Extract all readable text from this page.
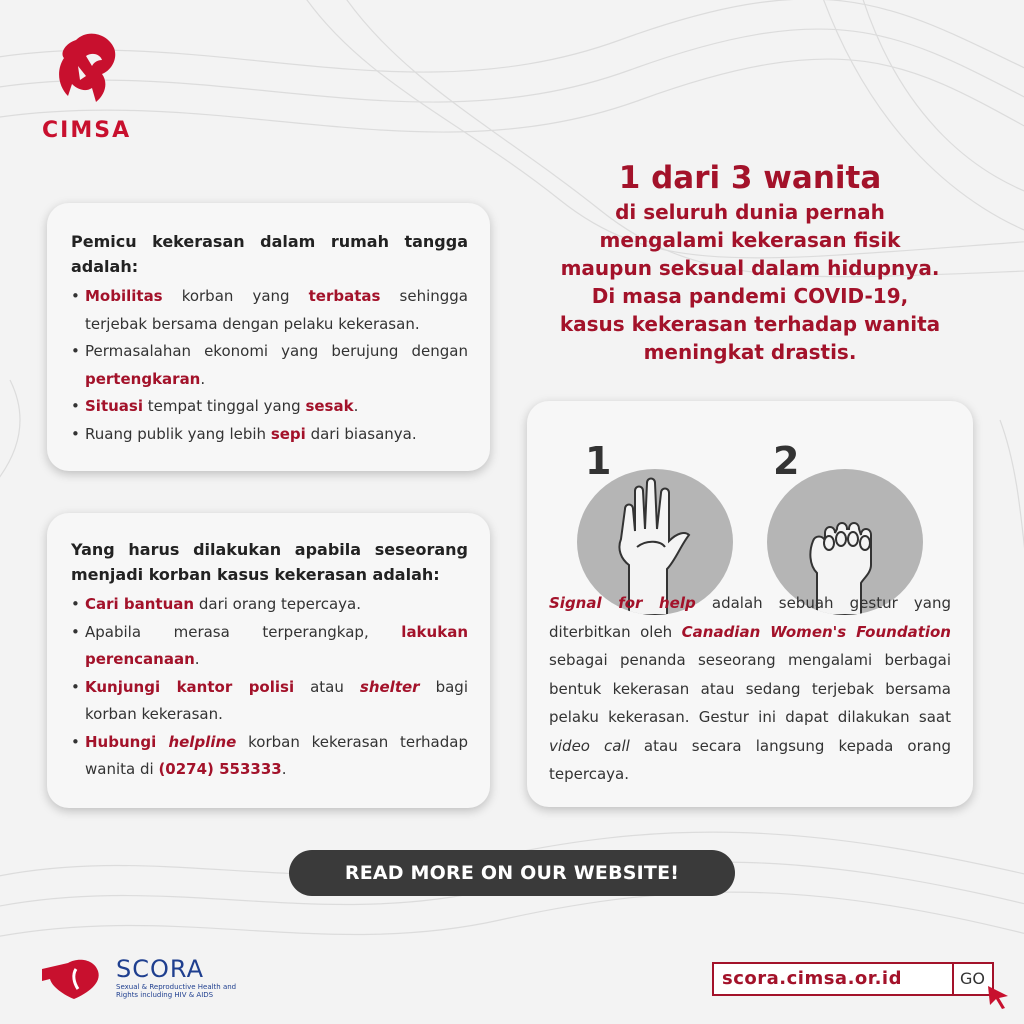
CIMSA
1 dari 3 wanita
di seluruh dunia pernah
mengalami kekerasan fisik
maupun seksual dalam hidupnya.
Di masa pandemi COVID-19,
kasus kekerasan terhadap wanita
meningkat drastis.
Pemicu kekerasan dalam rumah tangga adalah:
• Mobilitas korban yang terbatas sehingga terjebak bersama dengan pelaku kekerasan.
• Permasalahan ekonomi yang berujung dengan pertengkaran.
• Situasi tempat tinggal yang sesak.
• Ruang publik yang lebih sepi dari biasanya.
Yang harus dilakukan apabila seseorang menjadi korban kasus kekerasan adalah:
• Cari bantuan dari orang tepercaya.
• Apabila merasa terperangkap, lakukan perencanaan.
• Kunjungi kantor polisi atau shelter bagi korban kekerasan.
• Hubungi helpline korban kekerasan terhadap wanita di (0274) 553333.
1	2
Signal for help adalah sebuah gestur yang diterbitkan oleh Canadian Women's Foundation sebagai penanda seseorang mengalami berbagai bentuk kekerasan atau sedang terjebak bersama pelaku kekerasan. Gestur ini dapat dilakukan saat video call atau secara langsung kepada orang tepercaya.
READ MORE ON OUR WEBSITE!
SCORA
Sexual & Reproductive Health and Rights including HIV & AIDS
scora.cimsa.or.id	GO
